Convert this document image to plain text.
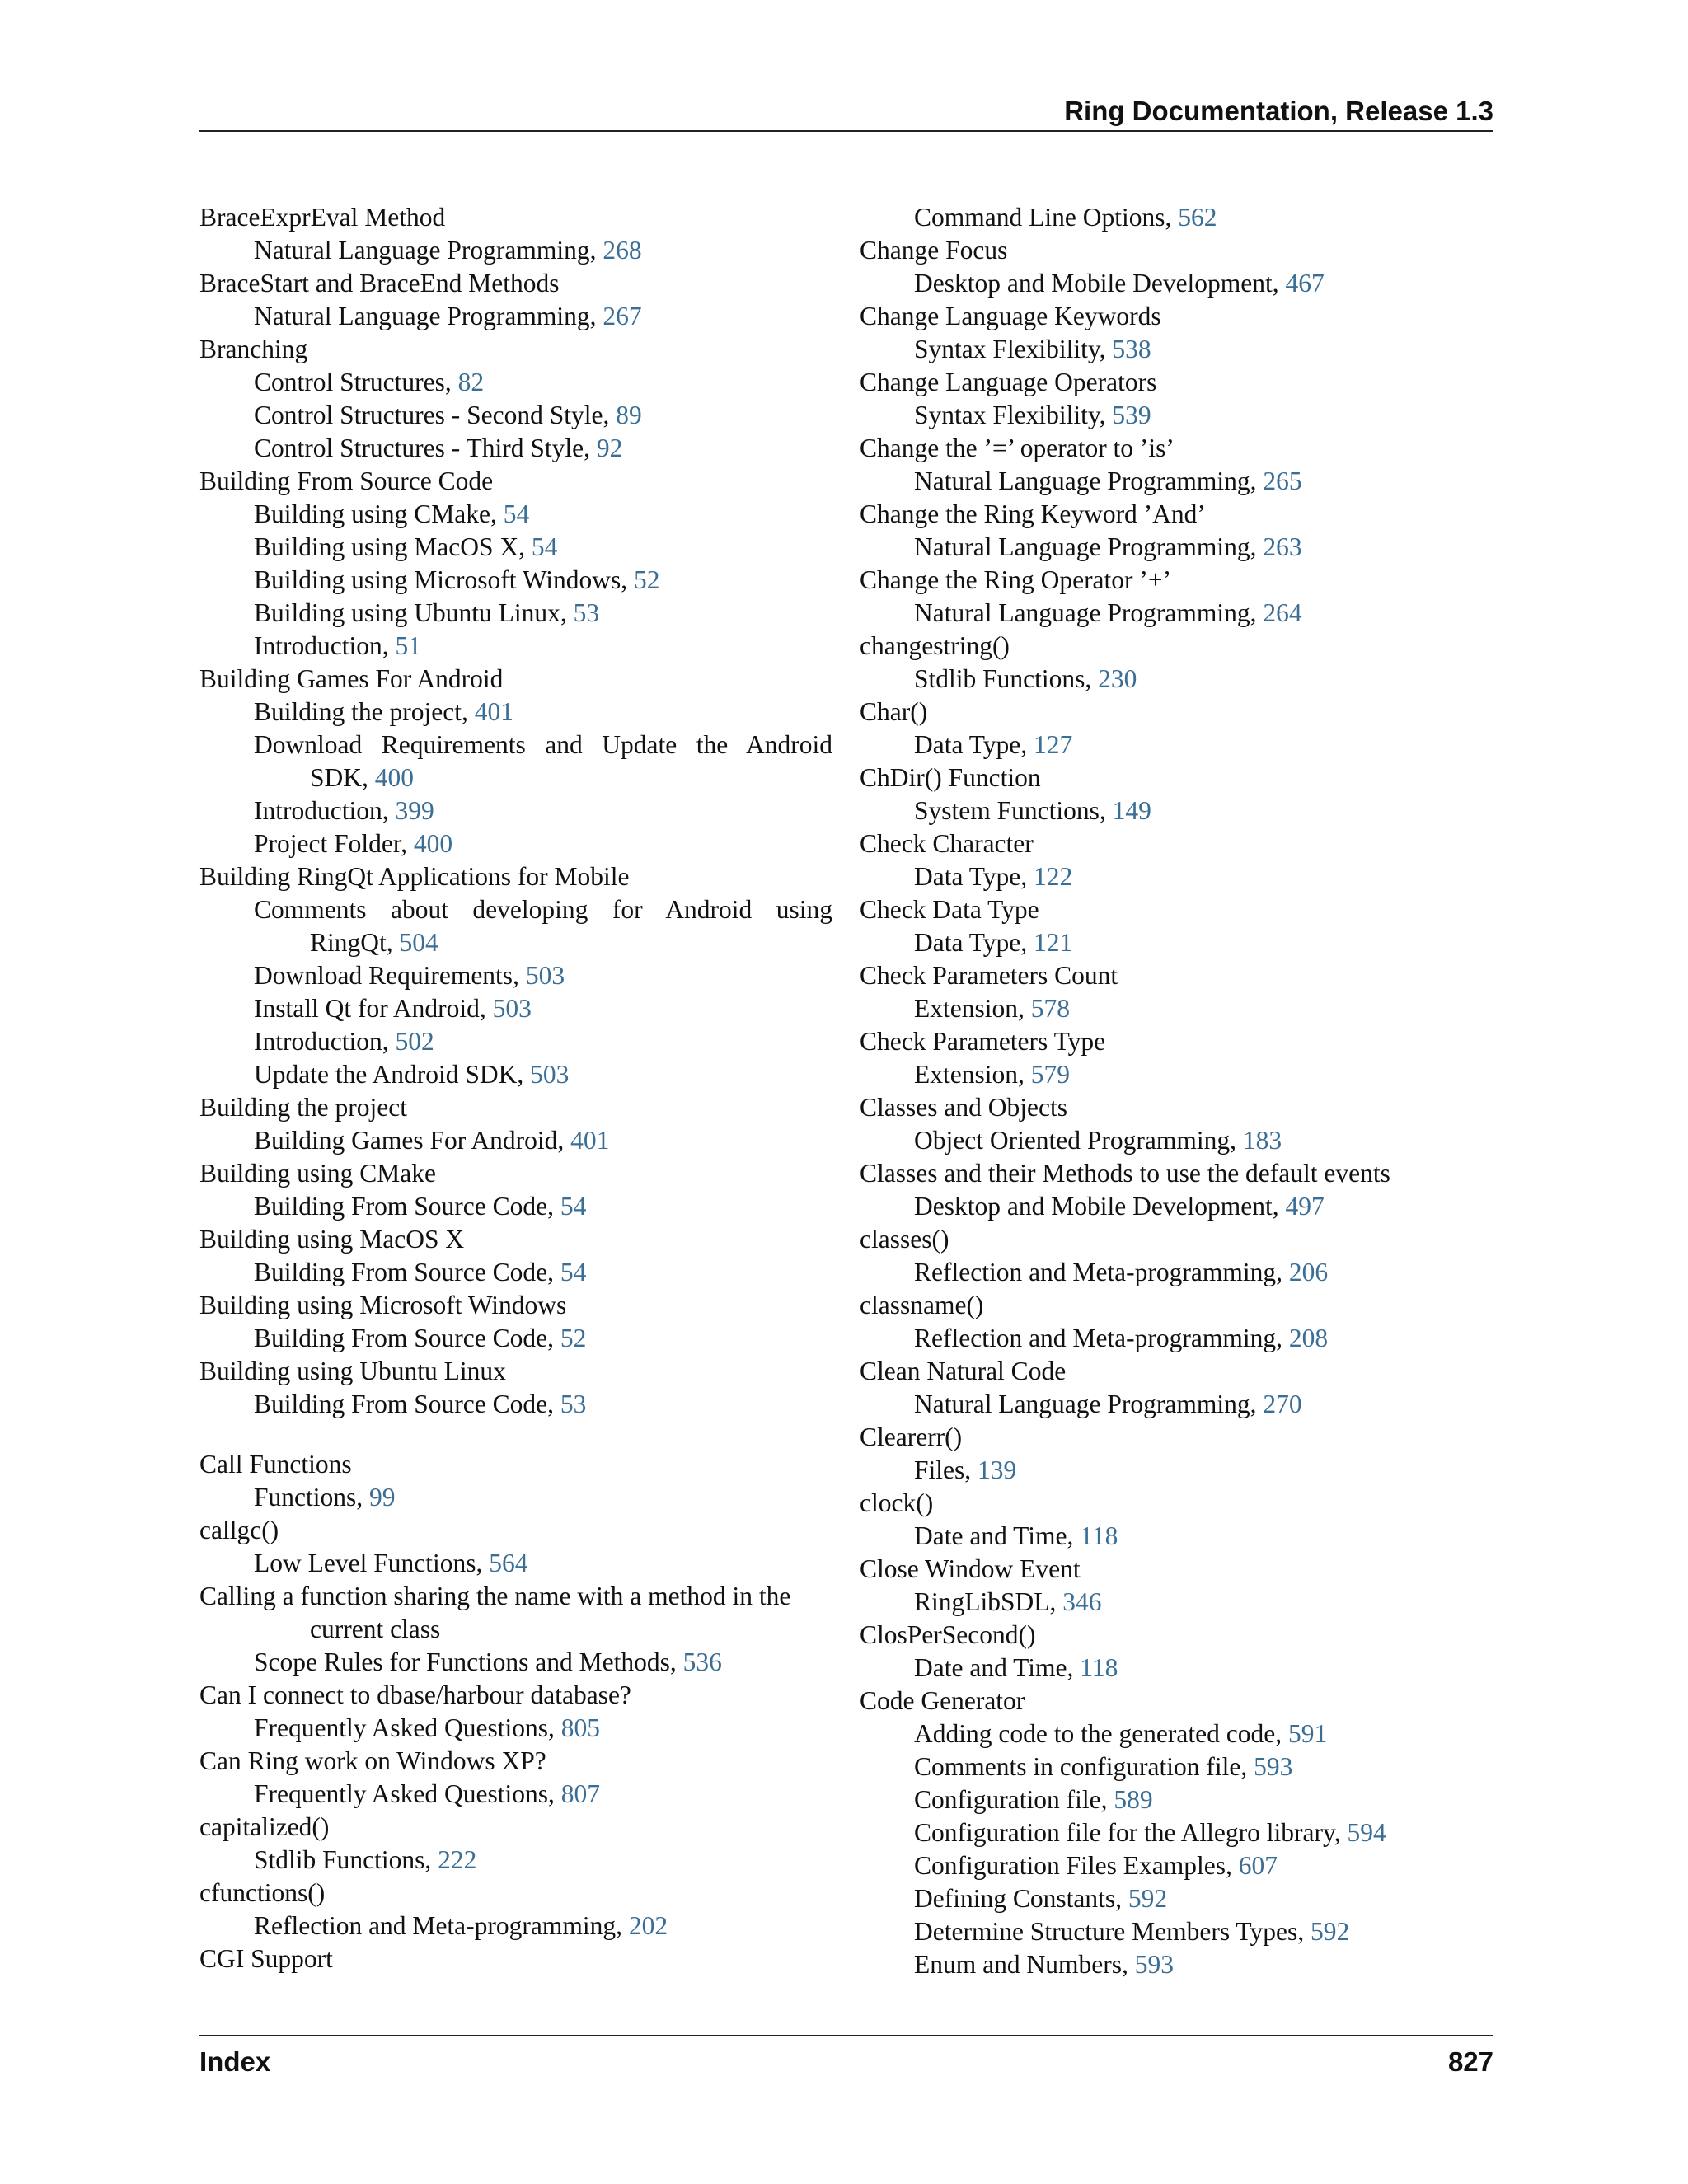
Ring Documentation, Release 1.3
BraceExprEval Method
Natural Language Programming, 268
BraceStart and BraceEnd Methods
Natural Language Programming, 267
Branching
Control Structures, 82
Control Structures - Second Style, 89
Control Structures - Third Style, 92
Building From Source Code
Building using CMake, 54
Building using MacOS X, 54
Building using Microsoft Windows, 52
Building using Ubuntu Linux, 53
Introduction, 51
Building Games For Android
Building the project, 401
Download Requirements and Update the Android SDK, 400
Introduction, 399
Project Folder, 400
Building RingQt Applications for Mobile
Comments about developing for Android using RingQt, 504
Download Requirements, 503
Install Qt for Android, 503
Introduction, 502
Update the Android SDK, 503
Building the project
Building Games For Android, 401
Building using CMake
Building From Source Code, 54
Building using MacOS X
Building From Source Code, 54
Building using Microsoft Windows
Building From Source Code, 52
Building using Ubuntu Linux
Building From Source Code, 53
Call Functions
Functions, 99
callgc()
Low Level Functions, 564
Calling a function sharing the name with a method in the current class
Scope Rules for Functions and Methods, 536
Can I connect to dbase/harbour database?
Frequently Asked Questions, 805
Can Ring work on Windows XP?
Frequently Asked Questions, 807
capitalized()
Stdlib Functions, 222
cfunctions()
Reflection and Meta-programming, 202
CGI Support
Command Line Options, 562
Change Focus
Desktop and Mobile Development, 467
Change Language Keywords
Syntax Flexibility, 538
Change Language Operators
Syntax Flexibility, 539
Change the ’=’ operator to ’is’
Natural Language Programming, 265
Change the Ring Keyword ’And’
Natural Language Programming, 263
Change the Ring Operator ’+’
Natural Language Programming, 264
changestring()
Stdlib Functions, 230
Char()
Data Type, 127
ChDir() Function
System Functions, 149
Check Character
Data Type, 122
Check Data Type
Data Type, 121
Check Parameters Count
Extension, 578
Check Parameters Type
Extension, 579
Classes and Objects
Object Oriented Programming, 183
Classes and their Methods to use the default events
Desktop and Mobile Development, 497
classes()
Reflection and Meta-programming, 206
classname()
Reflection and Meta-programming, 208
Clean Natural Code
Natural Language Programming, 270
Clearerr()
Files, 139
clock()
Date and Time, 118
Close Window Event
RingLibSDL, 346
ClosPerSecond()
Date and Time, 118
Code Generator
Adding code to the generated code, 591
Comments in configuration file, 593
Configuration file, 589
Configuration file for the Allegro library, 594
Configuration Files Examples, 607
Defining Constants, 592
Determine Structure Members Types, 592
Enum and Numbers, 593
Index	827
